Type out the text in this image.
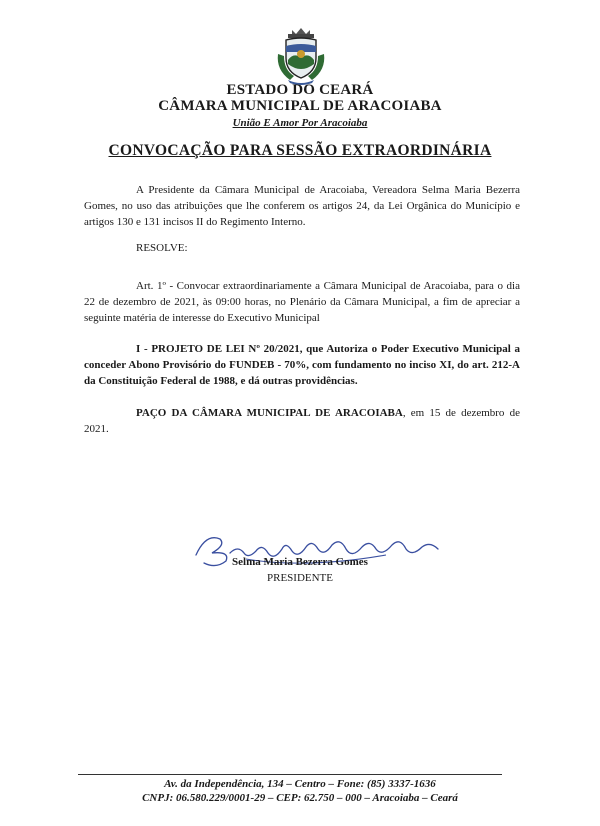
ESTADO DO CEARÁ
CÂMARA MUNICIPAL DE ARACOIABA
União E Amor Por Aracoiaba
CONVOCAÇÃO PARA SESSÃO EXTRAORDINÁRIA

A Presidente da Câmara Municipal de Aracoiaba, Vereadora Selma Maria Bezerra Gomes, no uso das atribuições que lhe conferem os artigos 24, da Lei Orgânica do Município e artigos 130 e 131 incisos II do Regimento Interno.

RESOLVE:

Art. 1º - Convocar extraordinariamente a Câmara Municipal de Aracoiaba, para o dia 22 de dezembro de 2021, às 09:00 horas, no Plenário da Câmara Municipal, a fim de apreciar a seguinte matéria de interesse do Executivo Municipal

I - PROJETO DE LEI Nº 20/2021, que Autoriza o Poder Executivo Municipal a conceder Abono Provisório do FUNDEB - 70%, com fundamento no inciso XI, do art. 212-A da Constituição Federal de 1988, e dá outras providências.

PAÇO DA CÂMARA MUNICIPAL DE ARACOIABA, em 15 de dezembro de 2021.

Selma Maria Bezerra Gomes
PRESIDENTE
Av. da Independência, 134 – Centro – Fone: (85) 3337-1636
CNPJ: 06.580.229/0001-29 – CEP: 62.750 – 000 – Aracoiaba – Ceará
